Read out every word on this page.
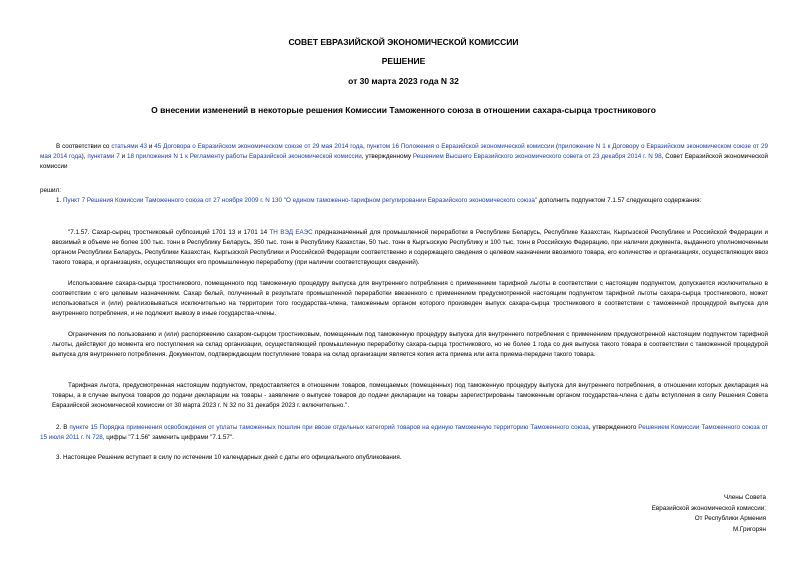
СОВЕТ ЕВРАЗИЙСКОЙ ЭКОНОМИЧЕСКОЙ КОМИССИИ
РЕШЕНИЕ
от 30 марта 2023 года N 32
О внесении изменений в некоторые решения Комиссии Таможенного союза в отношении сахара-сырца тростникового
В соответствии со статьями 43 и 45 Договора о Евразийском экономическом союзе от 29 мая 2014 года, пунктом 16 Положения о Евразийской экономической комиссии (приложение N 1 к Договору о Евразийском экономическом союзе от 29 мая 2014 года), пунктами 7 и 18 приложения N 1 к Регламенту работы Евразийской экономической комиссии, утвержденному Решением Высшего Евразийского экономического совета от 23 декабря 2014 г. N 98, Совет Евразийской экономической комиссии
решил:
1. Пункт 7 Решения Комиссии Таможенного союза от 27 ноября 2009 г. N 130 "О едином таможенно-тарифном регулировании Евразийского экономического союза" дополнить подпунктом 7.1.57 следующего содержания:
"7.1.57. Сахар-сырец тростниковый субпозиций 1701 13 и 1701 14 ТН ВЭД ЕАЭС предназначенный для промышленной переработки в Республике Беларусь, Республике Казахстан, Кыргызской Республике и Российской Федерации и ввозимый в объеме не более 100 тыс. тонн в Республику Беларусь, 350 тыс. тонн в Республику Казахстан, 50 тыс. тонн в Кыргызскую Республику и 100 тыс. тонн в Российскую Федерацию, при наличии документа, выданного уполномоченным органом Республики Беларусь, Республики Казахстан, Кыргызской Республики и Российской Федерации соответственно и содержащего сведения о целевом назначении ввозимого товара, его количестве и организациях, осуществляющих ввоз такого товара, и организациях, осуществляющих его промышленную переработку (при наличии соответствующих сведений).
Использование сахара-сырца тростникового, помещенного под таможенную процедуру выпуска для внутреннего потребления с применением тарифной льготы в соответствии с настоящим подпунктом, допускается исключительно в соответствии с его целевым назначением. Сахар белый, полученный в результате промышленной переработки ввезенного с применением предусмотренной настоящим подпунктом тарифной льготы сахара-сырца тростникового, может использоваться и (или) реализовываться исключительно на территории того государства-члена, таможенным органом которого произведен выпуск сахара-сырца тростникового в соответствии с таможенной процедурой выпуска для внутреннего потребления, и не подлежит вывозу в иные государства-члены.
Ограничения по пользованию и (или) распоряжению сахаром-сырцом тростниковым, помещенным под таможенную процедуру выпуска для внутреннего потребления с применением предусмотренной настоящим подпунктом тарифной льготы, действуют до момента его поступления на склад организации, осуществляющей промышленную переработку сахара-сырца тростникового, но не более 1 года со дня выпуска такого товара в соответствии с таможенной процедурой выпуска для внутреннего потребления. Документом, подтверждающим поступление товара на склад организации является копия акта приема или акта приема-передачи такого товара.
Тарифная льгота, предусмотренная настоящим подпунктом, предоставляется в отношении товаров, помещаемых (помещенных) под таможенную процедуру выпуска для внутреннего потребления, в отношении которых декларация на товары, а в случае выпуска товаров до подачи декларации на товары - заявление о выпуске товаров до подачи декларации на товары зарегистрированы таможенным органом государства-члена с даты вступления в силу Решения Совета Евразийской экономической комиссии от 30 марта 2023 г. N 32 по 31 декабря 2023 г. включительно.".
2. В пункте 15 Порядка применения освобождения от уплаты таможенных пошлин при ввозе отдельных категорий товаров на единую таможенную территорию Таможенного союза, утвержденного Решением Комиссии Таможенного союза от 15 июля 2011 г. N 728, цифры "7.1.56" заменить цифрами "7.1.57".
3. Настоящее Решение вступает в силу по истечении 10 календарных дней с даты его официального опубликования.
Члены Совета
Евразийской экономической комиссии:
От Республики Армения
М.Григорян
